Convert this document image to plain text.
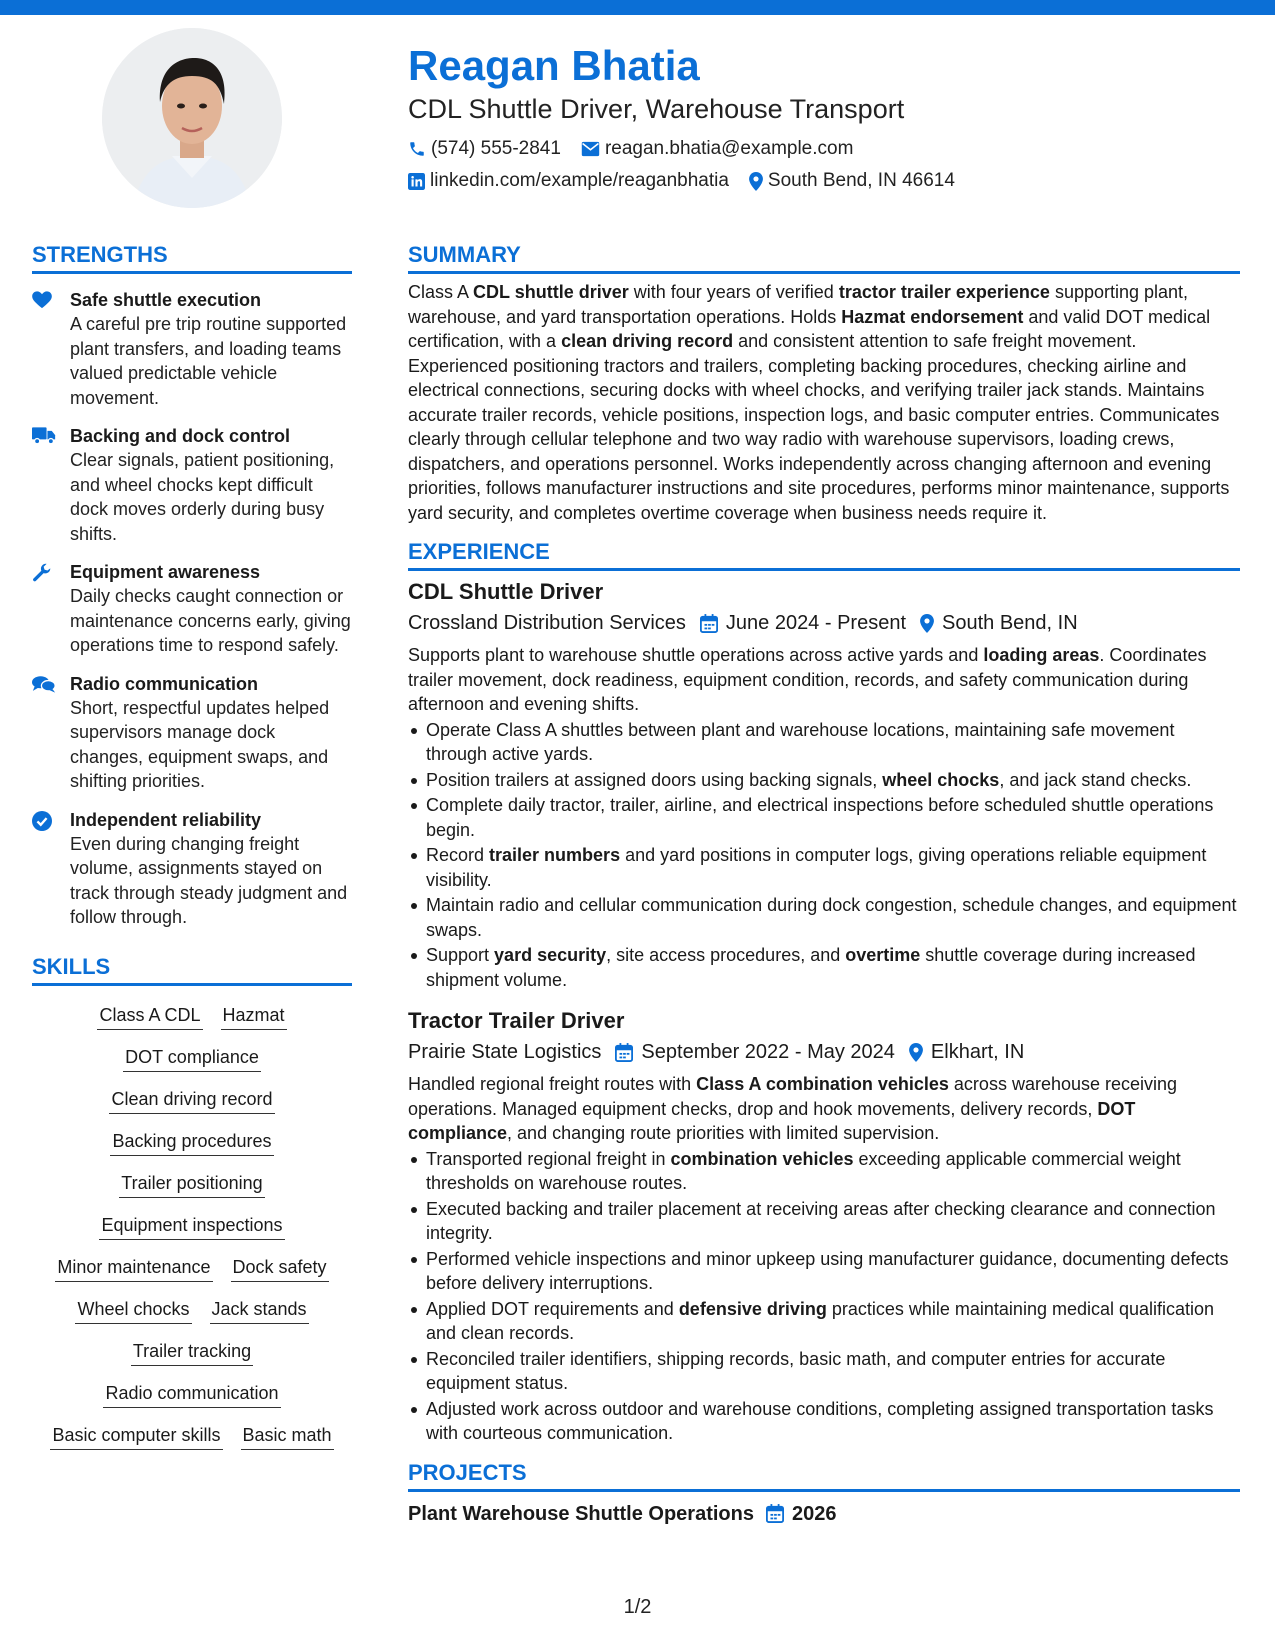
Reagan Bhatia
CDL Shuttle Driver, Warehouse Transport
(574) 555-2841 reagan.bhatia@example.com
linkedin.com/example/reaganbhatia South Bend, IN 46614
STRENGTHS
Safe shuttle execution
A careful pre trip routine supported plant transfers, and loading teams valued predictable vehicle movement.
Backing and dock control
Clear signals, patient positioning, and wheel chocks kept difficult dock moves orderly during busy shifts.
Equipment awareness
Daily checks caught connection or maintenance concerns early, giving operations time to respond safely.
Radio communication
Short, respectful updates helped supervisors manage dock changes, equipment swaps, and shifting priorities.
Independent reliability
Even during changing freight volume, assignments stayed on track through steady judgment and follow through.
SKILLS
Class A CDL Hazmat
DOT compliance
Clean driving record
Backing procedures
Trailer positioning
Equipment inspections
Minor maintenance Dock safety
Wheel chocks Jack stands
Trailer tracking
Radio communication
Basic computer skills Basic math
SUMMARY
Class A CDL shuttle driver with four years of verified tractor trailer experience supporting plant, warehouse, and yard transportation operations. Holds Hazmat endorsement and valid DOT medical certification, with a clean driving record and consistent attention to safe freight movement. Experienced positioning tractors and trailers, completing backing procedures, checking airline and electrical connections, securing docks with wheel chocks, and verifying trailer jack stands. Maintains accurate trailer records, vehicle positions, inspection logs, and basic computer entries. Communicates clearly through cellular telephone and two way radio with warehouse supervisors, loading crews, dispatchers, and operations personnel. Works independently across changing afternoon and evening priorities, follows manufacturer instructions and site procedures, performs minor maintenance, supports yard security, and completes overtime coverage when business needs require it.
EXPERIENCE
CDL Shuttle Driver
Crossland Distribution Services June 2024 - Present South Bend, IN
Supports plant to warehouse shuttle operations across active yards and loading areas. Coordinates trailer movement, dock readiness, equipment condition, records, and safety communication during afternoon and evening shifts.
Operate Class A shuttles between plant and warehouse locations, maintaining safe movement through active yards.
Position trailers at assigned doors using backing signals, wheel chocks, and jack stand checks.
Complete daily tractor, trailer, airline, and electrical inspections before scheduled shuttle operations begin.
Record trailer numbers and yard positions in computer logs, giving operations reliable equipment visibility.
Maintain radio and cellular communication during dock congestion, schedule changes, and equipment swaps.
Support yard security, site access procedures, and overtime shuttle coverage during increased shipment volume.
Tractor Trailer Driver
Prairie State Logistics September 2022 - May 2024 Elkhart, IN
Handled regional freight routes with Class A combination vehicles across warehouse receiving operations. Managed equipment checks, drop and hook movements, delivery records, DOT compliance, and changing route priorities with limited supervision.
Transported regional freight in combination vehicles exceeding applicable commercial weight thresholds on warehouse routes.
Executed backing and trailer placement at receiving areas after checking clearance and connection integrity.
Performed vehicle inspections and minor upkeep using manufacturer guidance, documenting defects before delivery interruptions.
Applied DOT requirements and defensive driving practices while maintaining medical qualification and clean records.
Reconciled trailer identifiers, shipping records, basic math, and computer entries for accurate equipment status.
Adjusted work across outdoor and warehouse conditions, completing assigned transportation tasks with courteous communication.
PROJECTS
Plant Warehouse Shuttle Operations 2026
1/2
